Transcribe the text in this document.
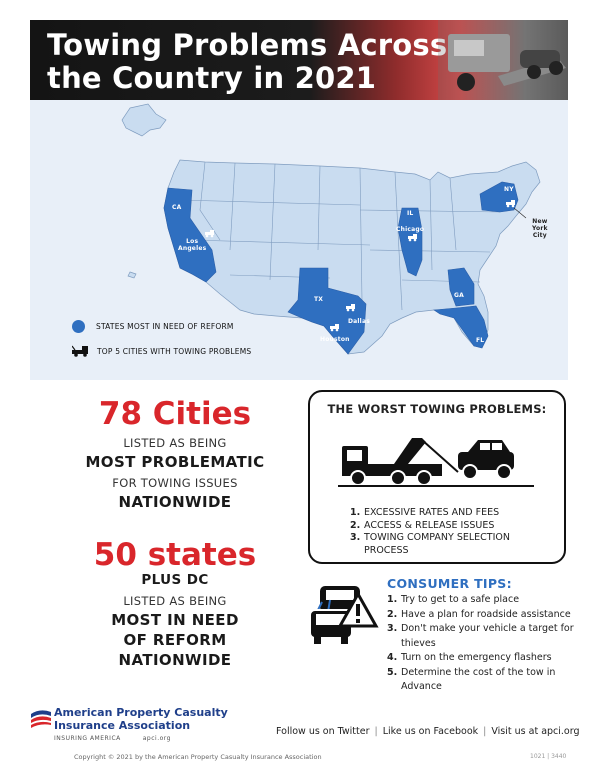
Towing Problems Across
the Country in 2021
CA
Los
Angeles
TX
Dallas
Houston
IL
Chicago
GA
FL
NY
New
York
City
STATES MOST IN NEED OF REFORM
TOP 5 CITIES WITH TOWING PROBLEMS
78 Cities
LISTED AS BEING
MOST PROBLEMATIC
FOR TOWING ISSUES
NATIONWIDE
50 states
PLUS DC
LISTED AS BEING
MOST IN NEED
OF REFORM
NATIONWIDE
THE WORST TOWING PROBLEMS:
1. EXCESSIVE RATES AND FEES
2. ACCESS & RELEASE ISSUES
3. TOWING COMPANY SELECTION PROCESS
CONSUMER TIPS:
1. Try to get to a safe place
2. Have a plan for roadside assistance
3. Don't make your vehicle a target for thieves
4. Turn on the emergency flashers
5. Determine the cost of the tow in Advance
American Property Casualty
Insurance Association
INSURING AMERICA	apci.org
Follow us on Twitter | Like us on Facebook | Visit us at apci.org
Copyright © 2021 by the American Property Casualty Insurance Association	1021 | 3440
